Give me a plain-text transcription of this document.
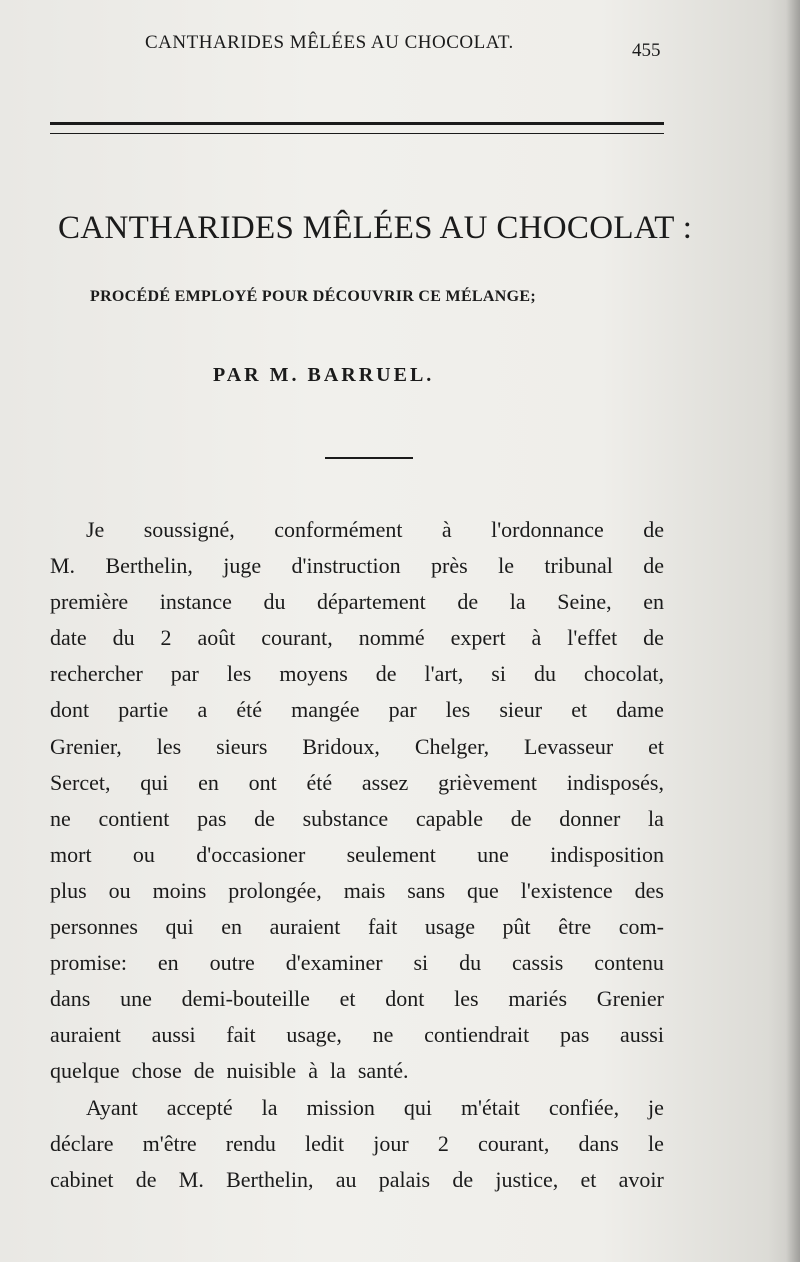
CANTHARIDES MÊLÉES AU CHOCOLAT.	455
CANTHARIDES MÊLÉES AU CHOCOLAT :
PROCÉDÉ EMPLOYÉ POUR DÉCOUVRIR CE MÉLANGE;
PAR M. BARRUEL.
Je soussigné, conformément à l'ordonnance de
M. Berthelin, juge d'instruction près le tribunal de
première instance du département de la Seine, en
date du 2 août courant, nommé expert à l'effet de
rechercher par les moyens de l'art, si du chocolat,
dont partie a été mangée par les sieur et dame
Grenier, les sieurs Bridoux, Chelger, Levasseur et
Sercet, qui en ont été assez grièvement indisposés,
ne contient pas de substance capable de donner la
mort ou d'occasioner seulement une indisposition
plus ou moins prolongée, mais sans que l'existence des
personnes qui en auraient fait usage pût être com-
promise: en outre d'examiner si du cassis contenu
dans une demi-bouteille et dont les mariés Grenier
auraient aussi fait usage, ne contiendrait pas aussi
quelque chose de nuisible à la santé.
Ayant accepté la mission qui m'était confiée, je
déclare m'être rendu ledit jour 2 courant, dans le
cabinet de M. Berthelin, au palais de justice, et avoir
